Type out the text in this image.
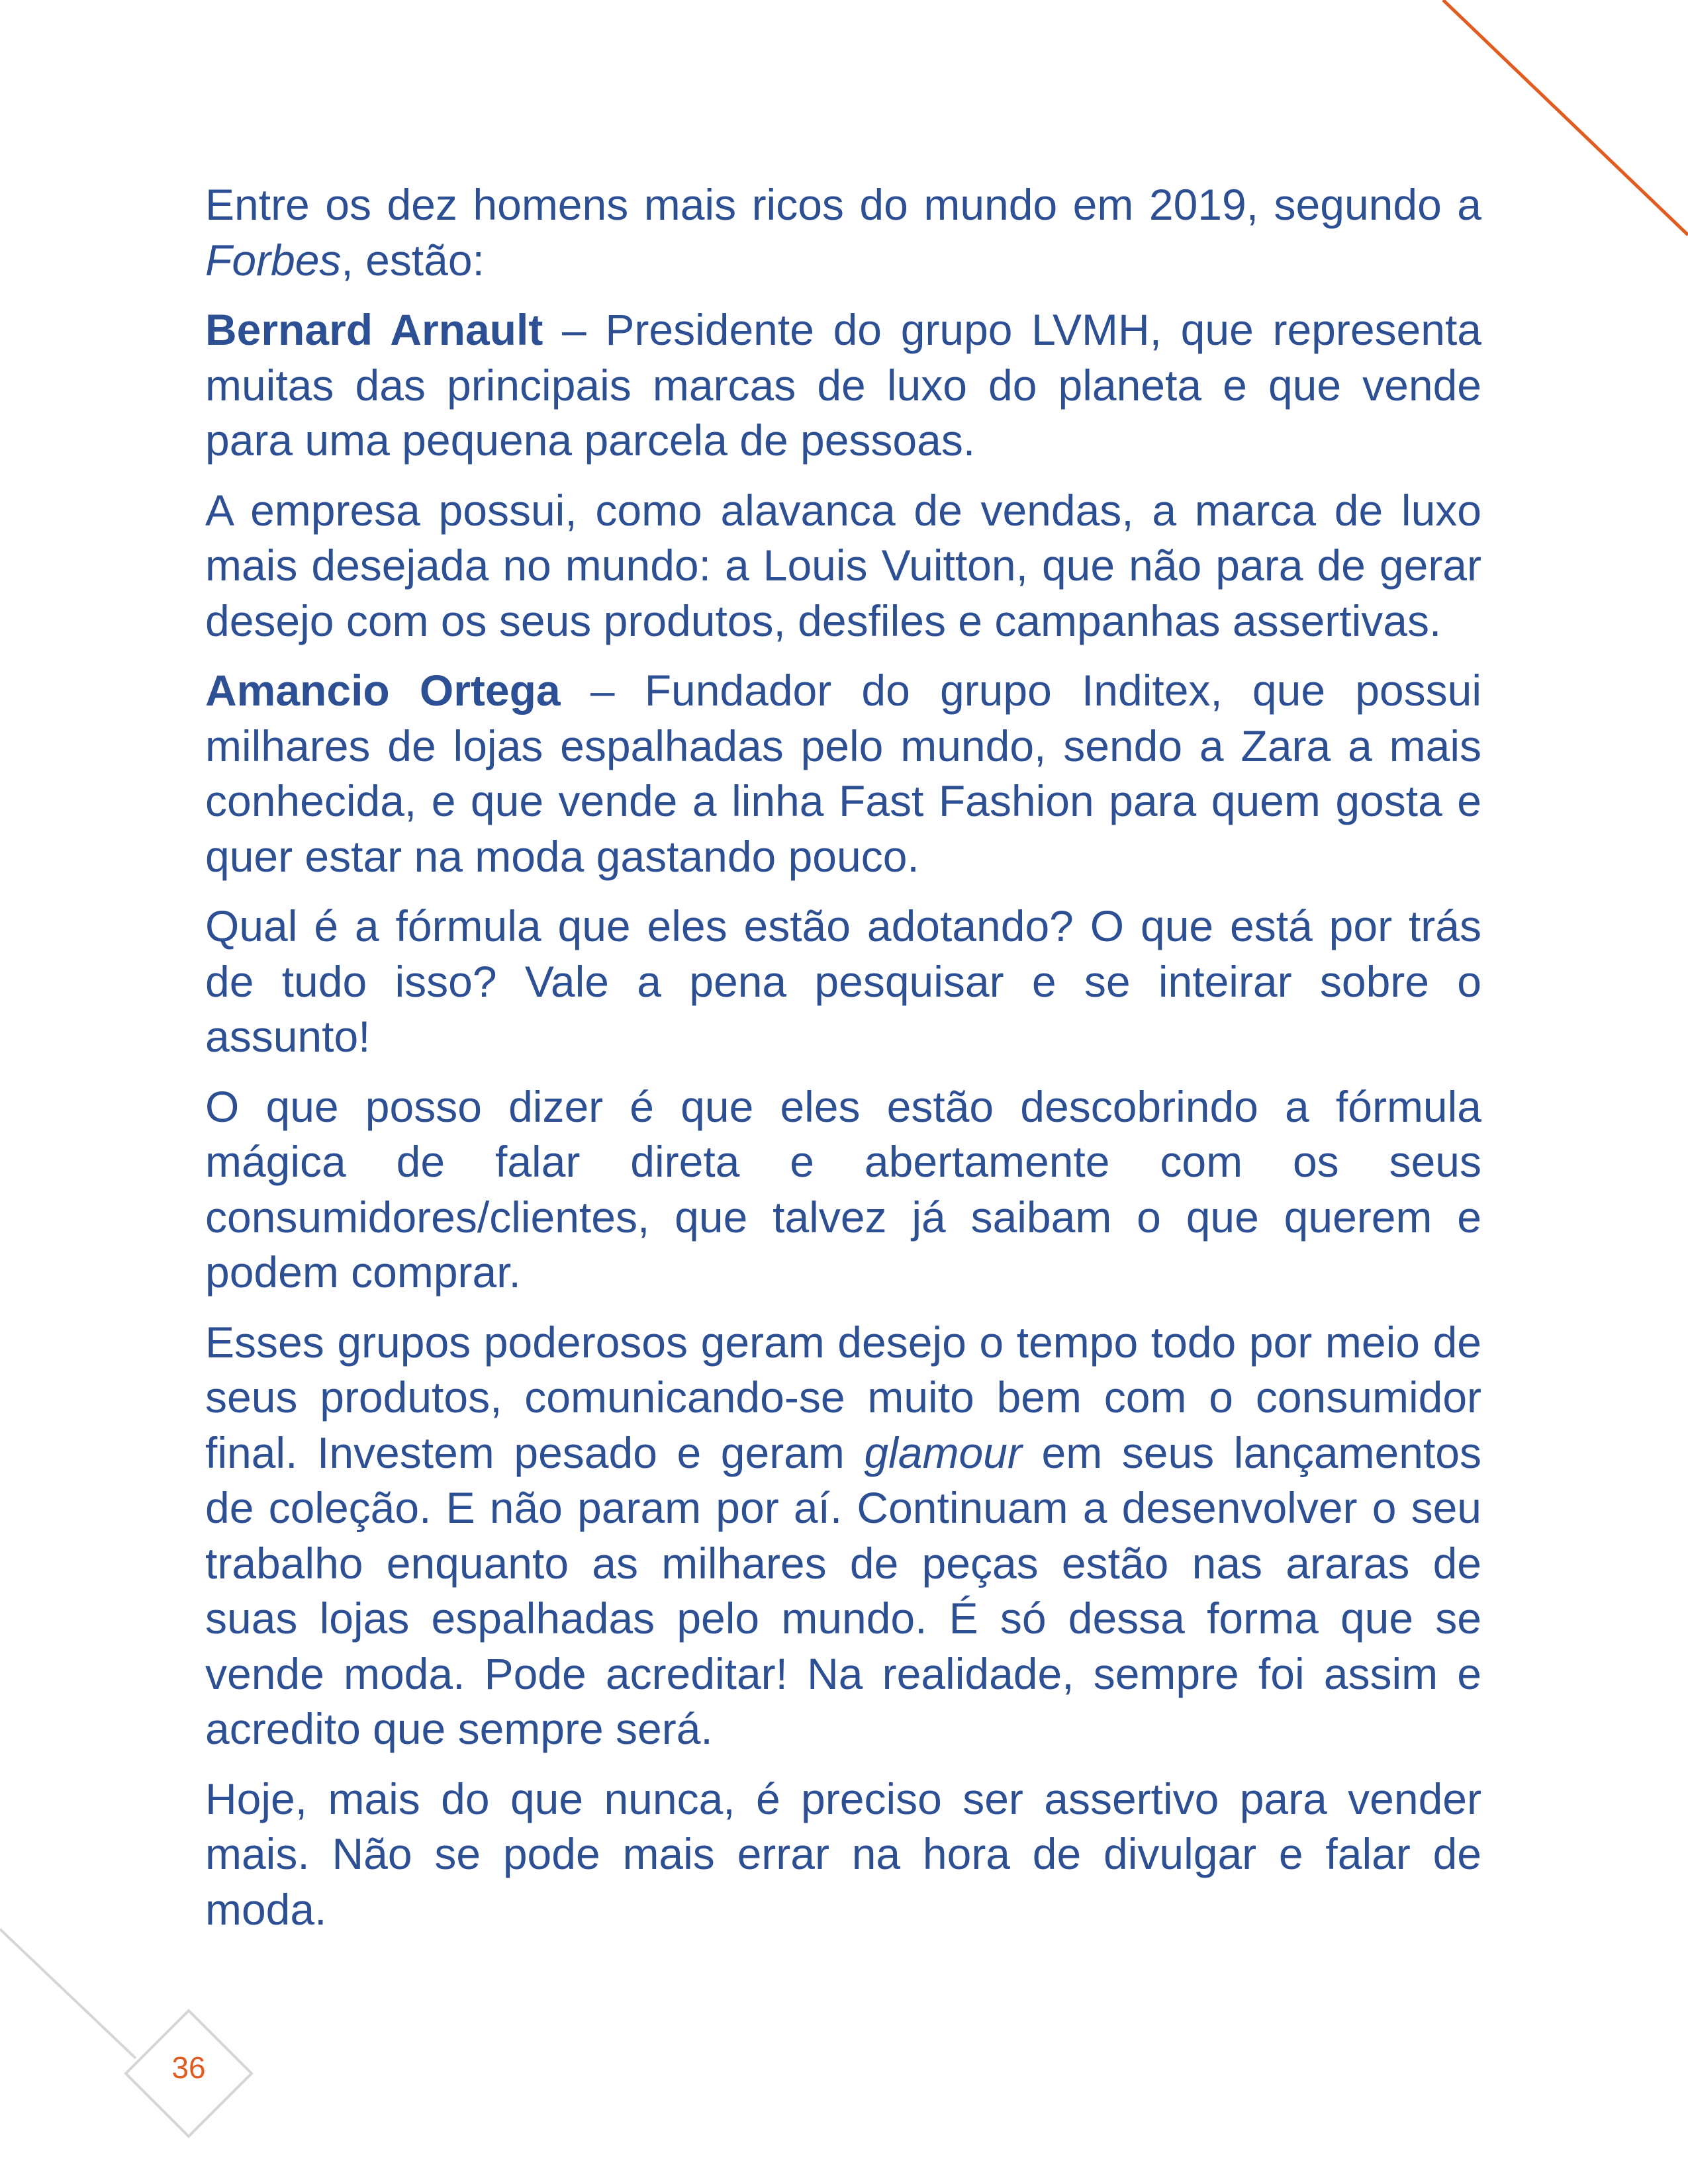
Entre os dez homens mais ricos do mundo em 2019, segundo a Forbes, estão:

Bernard Arnault – Presidente do grupo LVMH, que representa muitas das principais marcas de luxo do planeta e que vende para uma pequena parcela de pessoas.

A empresa possui, como alavanca de vendas, a marca de luxo mais desejada no mundo: a Louis Vuitton, que não para de gerar desejo com os seus produtos, desfiles e campanhas assertivas.

Amancio Ortega – Fundador do grupo Inditex, que possui milhares de lojas espalhadas pelo mundo, sendo a Zara a mais conhecida, e que vende a linha Fast Fashion para quem gosta e quer estar na moda gastando pouco.

Qual é a fórmula que eles estão adotando? O que está por trás de tudo isso? Vale a pena pesquisar e se inteirar sobre o assunto!

O que posso dizer é que eles estão descobrindo a fórmula mágica de falar direta e abertamente com os seus consumidores/clientes, que talvez já saibam o que querem e podem comprar.

Esses grupos poderosos geram desejo o tempo todo por meio de seus produtos, comunicando-se muito bem com o consumidor final. Investem pesado e geram glamour em seus lançamentos de coleção. E não param por aí. Continuam a desenvolver o seu trabalho enquanto as milhares de peças estão nas araras de suas lojas espalhadas pelo mundo. É só dessa forma que se vende moda. Pode acreditar! Na realidade, sempre foi assim e acredito que sempre será.

Hoje, mais do que nunca, é preciso ser assertivo para vender mais. Não se pode mais errar na hora de divulgar e falar de moda.

36
